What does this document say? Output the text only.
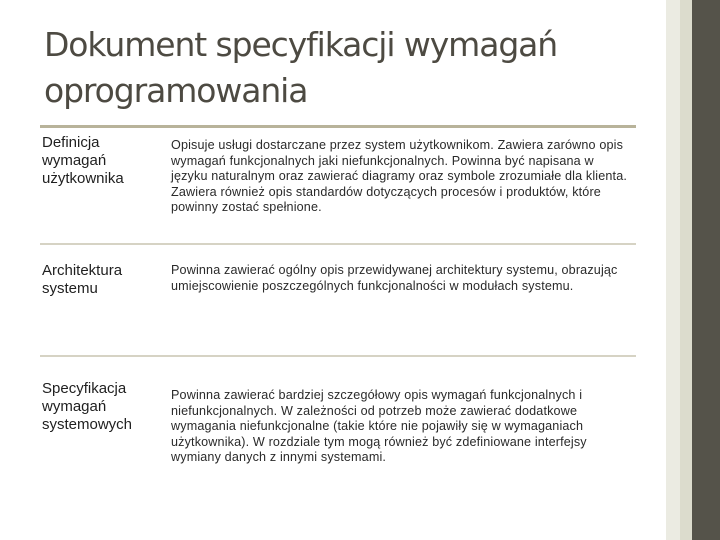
Dokument specyfikacji wymagań oprogramowania
Definicja wymagań użytkownika
Opisuje usługi dostarczane przez system użytkownikom. Zawiera zarówno opis wymagań funkcjonalnych jaki niefunkcjonalnych. Powinna być napisana w języku naturalnym oraz zawierać diagramy oraz symbole zrozumiałe dla klienta. Zawiera również opis standardów dotyczących procesów i produktów, które powinny zostać spełnione.
Architektura systemu
Powinna zawierać ogólny opis przewidywanej architektury systemu, obrazując umiejscowienie poszczególnych funkcjonalności w modułach systemu.
Specyfikacja wymagań systemowych
Powinna zawierać bardziej szczegółowy opis wymagań funkcjonalnych i niefunkcjonalnych. W zależności od potrzeb może zawierać dodatkowe wymagania niefunkcjonalne (takie które nie pojawiły się w wymaganiach użytkownika). W rozdziale tym mogą również być zdefiniowane interfejsy wymiany danych z innymi systemami.
